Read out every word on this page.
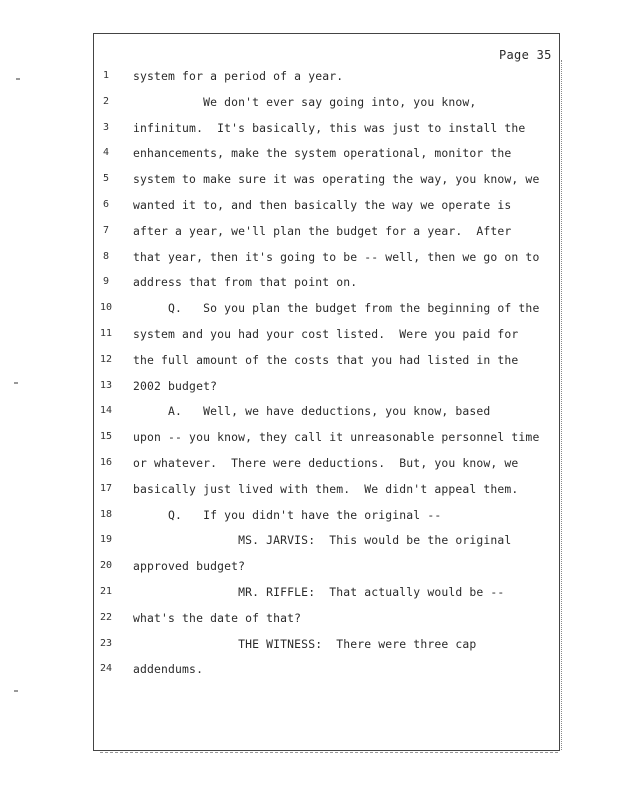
Page 35
1	system for a period of a year.
2	We don't ever say going into, you know,
3	infinitum.  It's basically, this was just to install the
4	enhancements, make the system operational, monitor the
5	system to make sure it was operating the way, you know, we
6	wanted it to, and then basically the way we operate is
7	after a year, we'll plan the budget for a year.  After
8	that year, then it's going to be -- well, then we go on to
9	address that from that point on.
10	Q.   So you plan the budget from the beginning of the
11	system and you had your cost listed.  Were you paid for
12	the full amount of the costs that you had listed in the
13	2002 budget?
14	A.   Well, we have deductions, you know, based
15	upon -- you know, they call it unreasonable personnel time
16	or whatever.  There were deductions.  But, you know, we
17	basically just lived with them.  We didn't appeal them.
18	Q.   If you didn't have the original --
19	MS. JARVIS:  This would be the original
20	approved budget?
21	MR. RIFFLE:  That actually would be --
22	what's the date of that?
23	THE WITNESS:  There were three cap
24	addendums.
